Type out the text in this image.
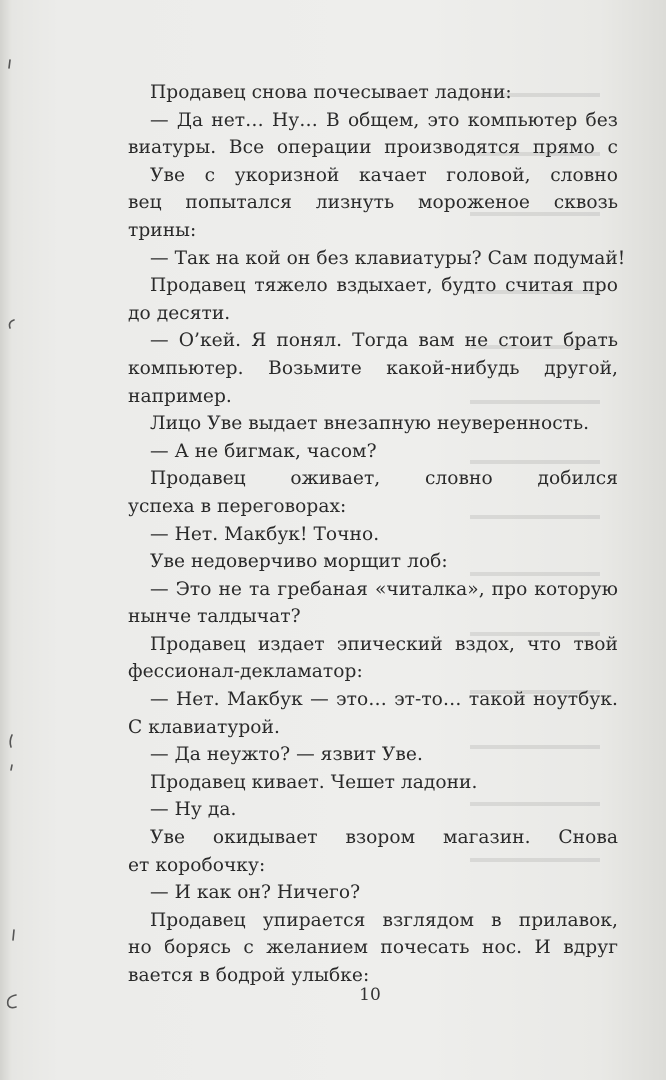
Продавец снова почесывает ладони:
— Да нет… Ну… В общем, это компьютер без
виатуры. Все операции производятся прямо с
Уве с укоризной качает головой, словно
вец попытался лизнуть мороженое сквозь
трины:
— Так на кой он без клавиатуры? Сам подумай!
Продавец тяжело вздыхает, будто считая про
до десяти.
— О’кей. Я понял. Тогда вам не стоит брать
компьютер. Возьмите какой-нибудь другой,
например.
Лицо Уве выдает внезапную неуверенность.
— А не бигмак, часом?
Продавец оживает, словно добился
успеха в переговорах:
— Нет. Макбук! Точно.
Уве недоверчиво морщит лоб:
— Это не та гребаная «читалка», про которую
нынче талдычат?
Продавец издает эпический вздох, что твой
фессионал-декламатор:
— Нет. Макбук — это… эт-то… такой ноутбук.
С клавиатурой.
— Да неужто? — язвит Уве.
Продавец кивает. Чешет ладони.
— Ну да.
Уве окидывает взором магазин. Снова
ет коробочку:
— И как он? Ничего?
Продавец упирается взглядом в прилавок,
но борясь с желанием почесать нос. И вдруг
вается в бодрой улыбке:
10
